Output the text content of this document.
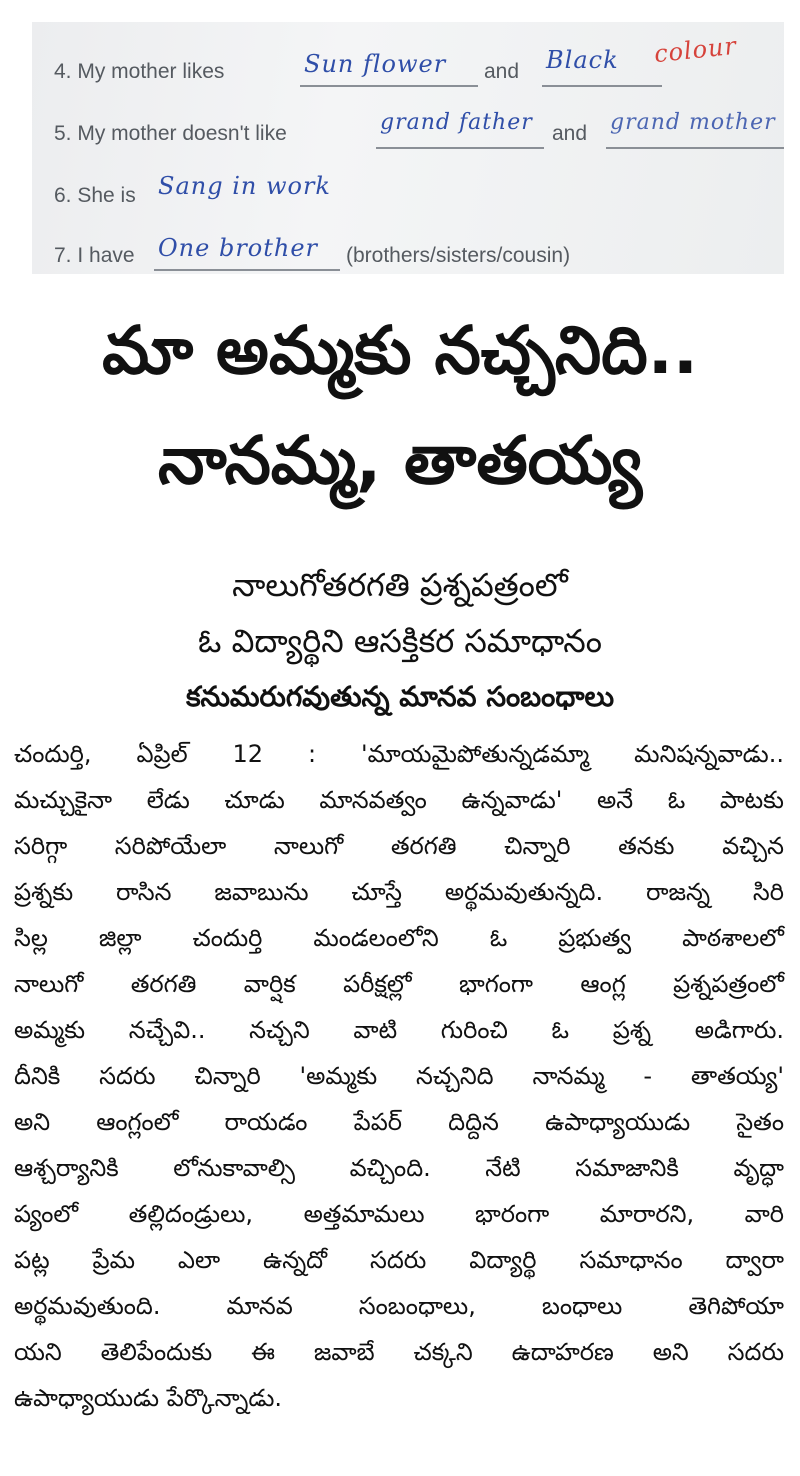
4. My mother likes	Sun flower and Black colour
5. My mother doesn't like	grand father and grand mother
6. She is Sang in work
7. I have One brother (brothers/sisters/cousin)
మా అమ్మకు నచ్చనిది..
నానమ్మ, తాతయ్య
నాలుగోతరగతి ప్రశ్నపత్రంలో
ఓ విద్యార్థిని ఆసక్తికర సమాధానం
కనుమరుగవుతున్న మానవ సంబంధాలు
చందుర్తి, ఏప్రిల్ 12 : 'మాయమైపోతున్నడమ్మా మనిషన్నవాడు..
మచ్చుకైనా లేడు చూడు మానవత్వం ఉన్నవాడు' అనే ఓ పాటకు
సరిగ్గా సరిపోయేలా నాలుగో తరగతి చిన్నారి తనకు వచ్చిన
ప్రశ్నకు రాసిన జవాబును చూస్తే అర్థమవుతున్నది. రాజన్న సిరి
సిల్ల జిల్లా చందుర్తి మండలంలోని ఓ ప్రభుత్వ పాఠశాలలో
నాలుగో తరగతి వార్షిక పరీక్షల్లో భాగంగా ఆంగ్ల ప్రశ్నపత్రంలో
అమ్మకు నచ్చేవి.. నచ్చని వాటి గురించి ఓ ప్రశ్న అడిగారు.
దీనికి సదరు చిన్నారి 'అమ్మకు నచ్చనిది నానమ్మ - తాతయ్య'
అని ఆంగ్లంలో రాయడం పేపర్ దిద్దిన ఉపాధ్యాయుడు సైతం
ఆశ్చర్యానికి లోనుకావాల్సి వచ్చింది. నేటి సమాజానికి వృద్ధా
ప్యంలో తల్లిదండ్రులు, అత్తమామలు భారంగా మారారని, వారి
పట్ల ప్రేమ ఎలా ఉన్నదో సదరు విద్యార్థి సమాధానం ద్వారా
అర్థమవుతుంది. మానవ సంబంధాలు, బంధాలు తెగిపోయా
యని తెలిపేందుకు ఈ జవాబే చక్కని ఉదాహరణ అని సదరు
ఉపాధ్యాయుడు పేర్కొన్నాడు.
